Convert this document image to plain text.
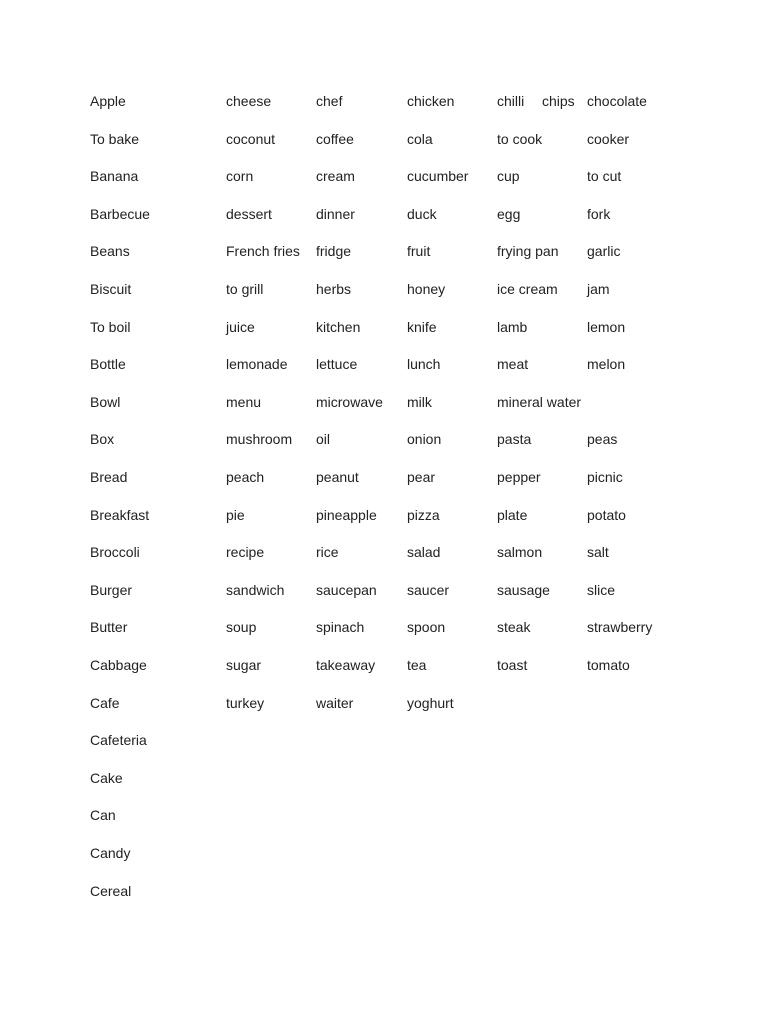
Apple
To bake
Banana
Barbecue
Beans
Biscuit
To boil
Bottle
Bowl
Box
Bread
Breakfast
Broccoli
Burger
Butter
Cabbage
Cafe
Cafeteria
Cake
Can
Candy
Cereal
cheese
coconut
corn
dessert
French fries
to grill
juice
lemonade
menu
mushroom
peach
pie
recipe
sandwich
soup
sugar
turkey
chef
coffee
cream
dinner
fridge
herbs
kitchen
lettuce
microwave
oil
peanut
pineapple
rice
saucepan
spinach
takeaway
waiter
chicken
cola
cucumber
duck
fruit
honey
knife
lunch
milk
onion
pear
pizza
salad
saucer
spoon
tea
yoghurt
chilli
to cook
cup
egg
frying pan
ice cream
lamb
meat
mineral water
pasta
pepper
plate
salmon
sausage
steak
toast
chocolate
cooker
to cut
fork
garlic
jam
lemon
melon
peas
picnic
potato
salt
slice
strawberry
tomato
chips
